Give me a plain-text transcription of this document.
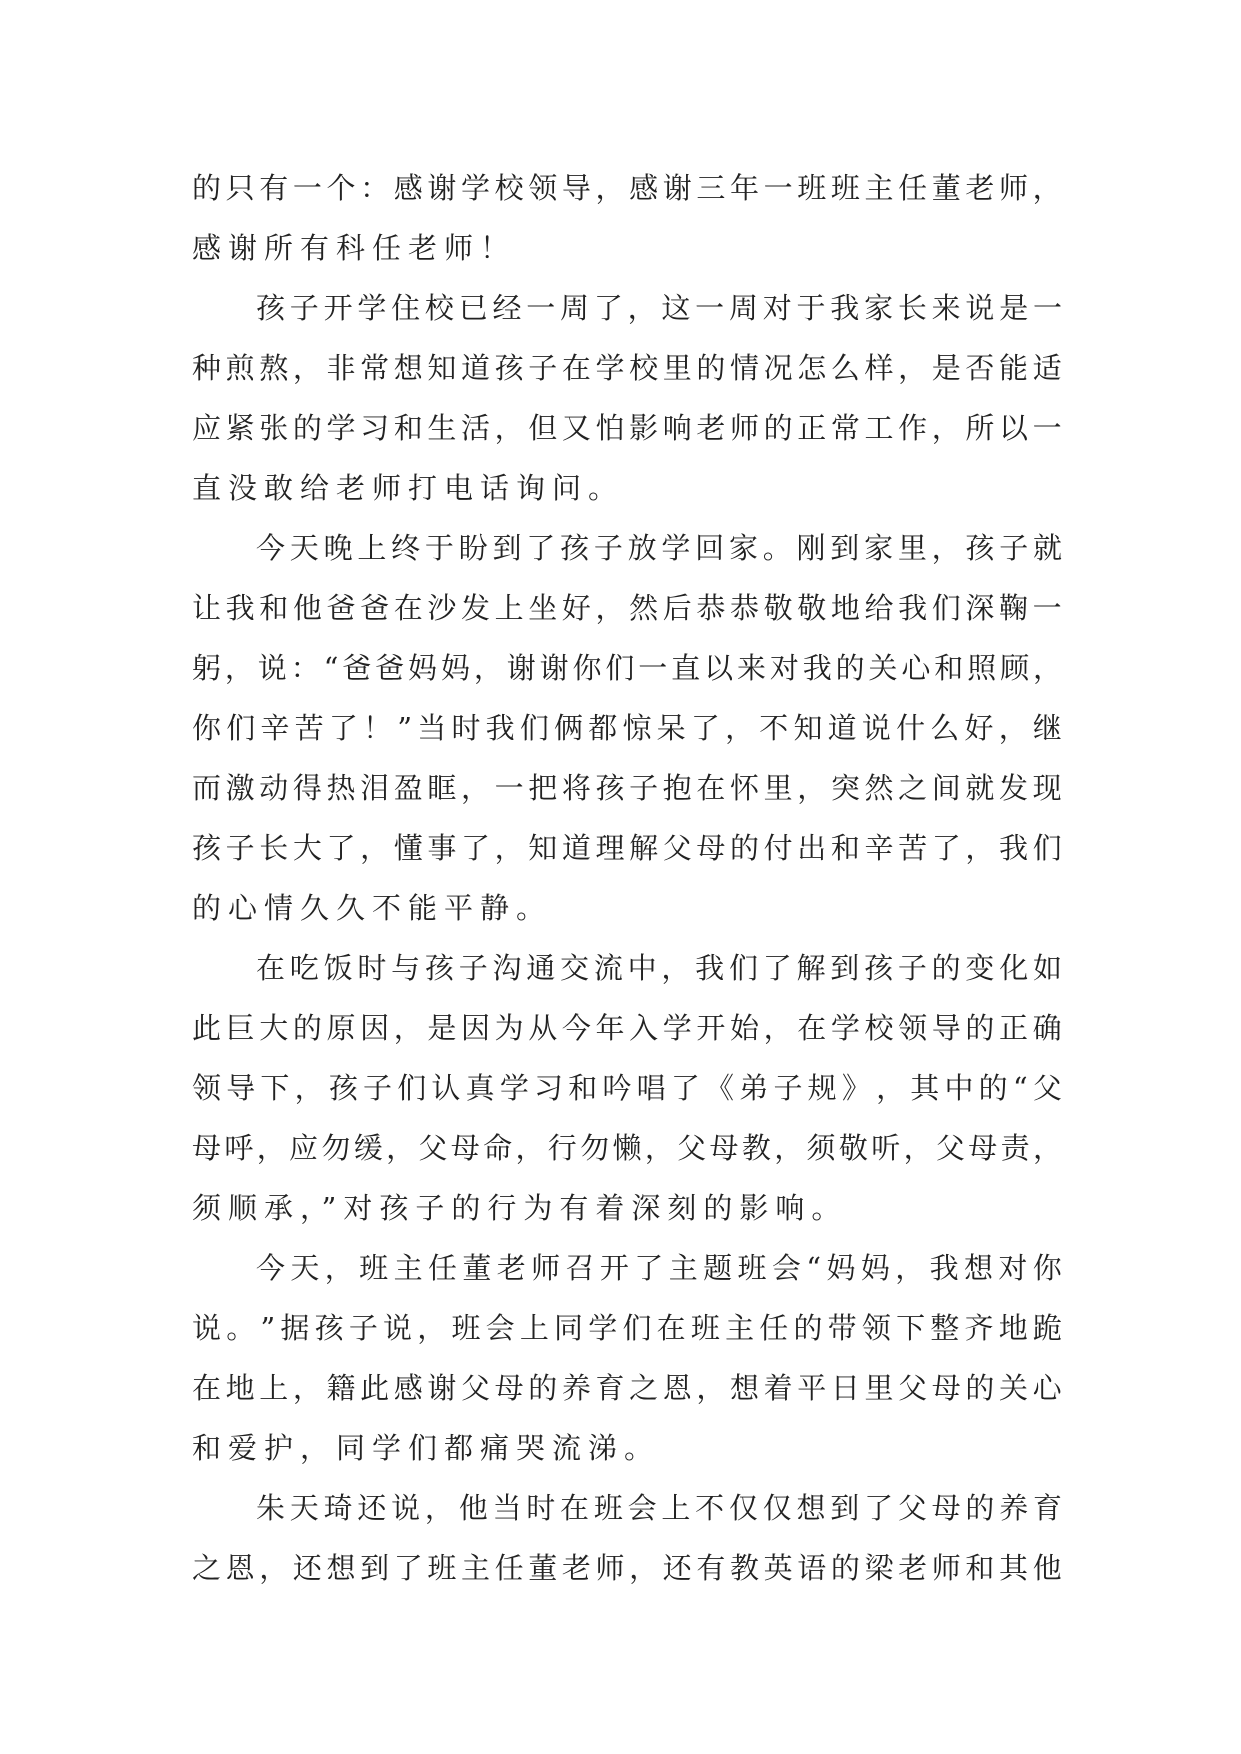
的 只 有 一 个 ： 感 谢 学 校 领 导 ， 感 谢 三 年 一 班 班 主 任 董 老 师 ，
感谢所有科任老师！
孩 子 开 学 住 校 已 经 一 周 了 ， 这 一 周 对 于 我 家 长 来 说 是 一
种 煎 熬 ， 非 常 想 知 道 孩 子 在 学 校 里 的 情 况 怎 么 样 ， 是 否 能 适
应 紧 张 的 学 习 和 生 活 ， 但 又 怕 影 响 老 师 的 正 常 工 作 ， 所 以 一
直没敢给老师打电话询问。
今 天 晚 上 终 于 盼 到 了 孩 子 放 学 回 家 。 刚 到 家 里 ， 孩 子 就
让 我 和 他 爸 爸 在 沙 发 上 坐 好 ， 然 后 恭 恭 敬 敬 地 给 我 们 深 鞠 一
躬 ， 说 ： “ 爸 爸 妈 妈 ， 谢 谢 你 们 一 直 以 来 对 我 的 关 心 和 照 顾 ，
你 们 辛 苦 了 ！ ” 当 时 我 们 俩 都 惊 呆 了 ， 不 知 道 说 什 么 好 ， 继
而 激 动 得 热 泪 盈 眶 ， 一 把 将 孩 子 抱 在 怀 里 ， 突 然 之 间 就 发 现
孩 子 长 大 了 ， 懂 事 了 ， 知 道 理 解 父 母 的 付 出 和 辛 苦 了 ， 我 们
的心情久久不能平静。
在 吃 饭 时 与 孩 子 沟 通 交 流 中 ， 我 们 了 解 到 孩 子 的 变 化 如
此 巨 大 的 原 因 ， 是 因 为 从 今 年 入 学 开 始 ， 在 学 校 领 导 的 正 确
领 导 下 ， 孩 子 们 认 真 学 习 和 吟 唱 了 《 弟 子 规 》 ， 其 中 的 “ 父
母 呼 ， 应 勿 缓 ， 父 母 命 ， 行 勿 懒 ， 父 母 教 ， 须 敬 听 ， 父 母 责 ，
须顺承，”对孩子的行为有着深刻的影响。
今 天 ， 班 主 任 董 老 师 召 开 了 主 题 班 会 “ 妈 妈 ， 我 想 对 你
说 。 ” 据 孩 子 说 ， 班 会 上 同 学 们 在 班 主 任 的 带 领 下 整 齐 地 跪
在 地 上 ， 籍 此 感 谢 父 母 的 养 育 之 恩 ， 想 着 平 日 里 父 母 的 关 心
和爱护，同学们都痛哭流涕。
朱 天 琦 还 说 ， 他 当 时 在 班 会 上 不 仅 仅 想 到 了 父 母 的 养 育
之 恩 ， 还 想 到 了 班 主 任 董 老 师 ， 还 有 教 英 语 的 梁 老 师 和 其 他
